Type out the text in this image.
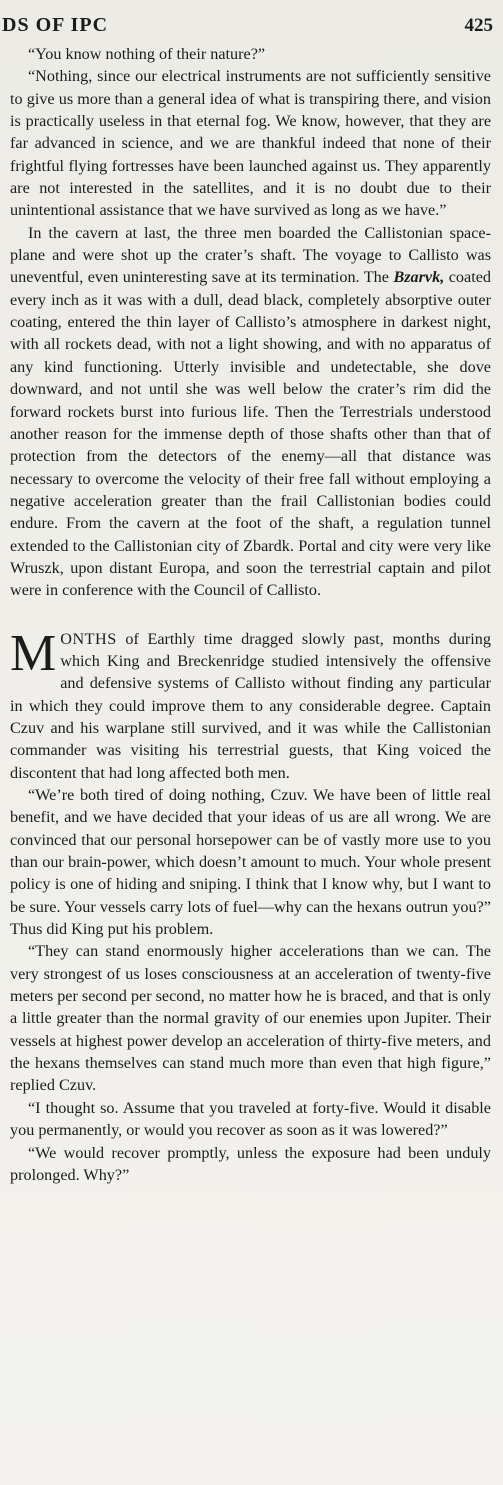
DS OF IPC	425

“You know nothing of their nature?”

“Nothing, since our electrical instruments are not sufficiently sensitive to give us more than a general idea of what is transpiring there, and vision is practically useless in that eternal fog. We know, however, that they are far advanced in science, and we are thankful indeed that none of their frightful flying fortresses have been launched against us. They apparently are not interested in the satellites, and it is no doubt due to their unintentional assistance that we have survived as long as we have.”

In the cavern at last, the three men boarded the Callistonian space-plane and were shot up the crater’s shaft. The voyage to Callisto was uneventful, even uninteresting save at its termination. The Bzarvk, coated every inch as it was with a dull, dead black, completely absorptive outer coating, entered the thin layer of Callisto’s atmosphere in darkest night, with all rockets dead, with not a light showing, and with no apparatus of any kind functioning. Utterly invisible and undetectable, she dove downward, and not until she was well below the crater’s rim did the forward rockets burst into furious life. Then the Terrestrials understood another reason for the immense depth of those shafts other than that of protection from the detectors of the enemy—all that distance was necessary to overcome the velocity of their free fall without employing a negative acceleration greater than the frail Callistonian bodies could endure. From the cavern at the foot of the shaft, a regulation tunnel extended to the Callistonian city of Zbardk. Portal and city were very like Wruszk, upon distant Europa, and soon the terrestrial captain and pilot were in conference with the Council of Callisto.

MONTHS of Earthly time dragged slowly past, months during which King and Breckenridge studied intensively the offensive and defensive systems of Callisto without finding any particular in which they could improve them to any considerable degree. Captain Czuv and his warplane still survived, and it was while the Callistonian commander was visiting his terrestrial guests, that King voiced the discontent that had long affected both men.

“We’re both tired of doing nothing, Czuv. We have been of little real benefit, and we have decided that your ideas of us are all wrong. We are convinced that our personal horsepower can be of vastly more use to you than our brain-power, which doesn’t amount to much. Your whole present policy is one of hiding and sniping. I think that I know why, but I want to be sure. Your vessels carry lots of fuel—why can the hexans outrun you?” Thus did King put his problem.

“They can stand enormously higher accelerations than we can. The very strongest of us loses consciousness at an acceleration of twenty-five meters per second per second, no matter how he is braced, and that is only a little greater than the normal gravity of our enemies upon Jupiter. Their vessels at highest power develop an acceleration of thirty-five meters, and the hexans themselves can stand much more than even that high figure,” replied Czuv.

“I thought so. Assume that you traveled at forty-five. Would it disable you permanently, or would you recover as soon as it was lowered?”

“We would recover promptly, unless the exposure had been unduly prolonged. Why?”
